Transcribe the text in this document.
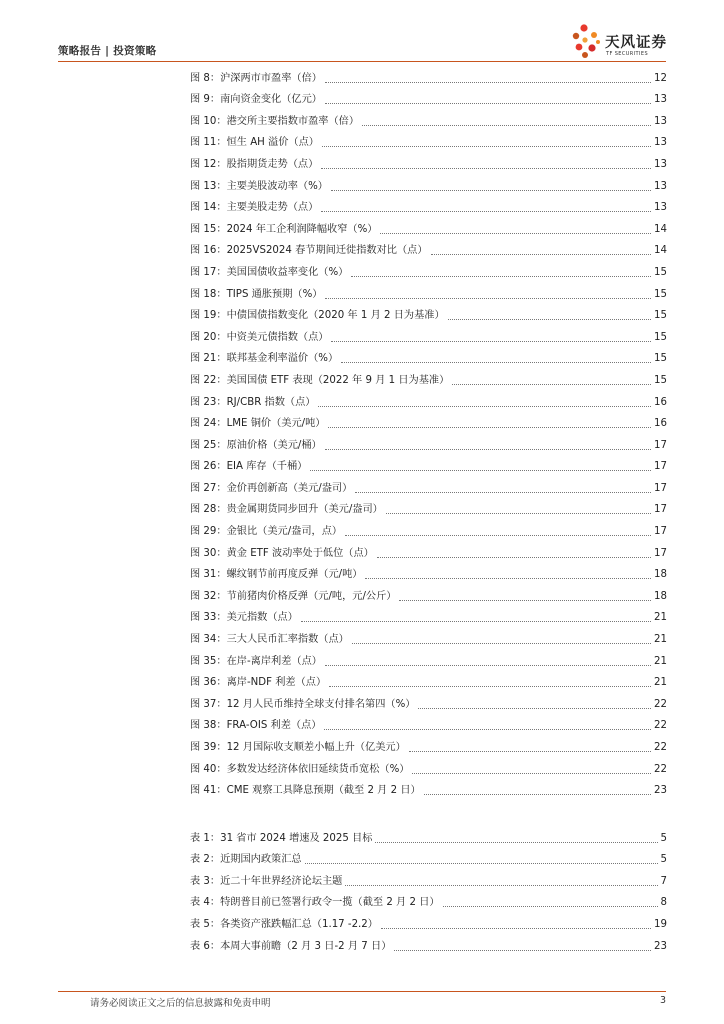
策略报告 | 投资策略	天风证券
TF SECURITIES
图 8：沪深两市市盈率（倍）	12
图 9：南向资金变化（亿元）	13
图 10：港交所主要指数市盈率（倍）	13
图 11：恒生 AH 溢价（点）	13
图 12：股指期货走势（点）	13
图 13：主要美股波动率（%）	13
图 14：主要美股走势（点）	13
图 15：2024 年工企利润降幅收窄（%）	14
图 16：2025VS2024 春节期间迁徙指数对比（点）	14
图 17：美国国债收益率变化（%）	15
图 18：TIPS 通胀预期（%）	15
图 19：中债国债指数变化（2020 年 1 月 2 日为基准）	15
图 20：中资美元债指数（点）	15
图 21：联邦基金利率溢价（%）	15
图 22：美国国债 ETF 表现（2022 年 9 月 1 日为基准）	15
图 23：RJ/CBR 指数（点）	16
图 24：LME 铜价（美元/吨）	16
图 25：原油价格（美元/桶）	17
图 26：EIA 库存（千桶）	17
图 27：金价再创新高（美元/盎司）	17
图 28：贵金属期货同步回升（美元/盎司）	17
图 29：金银比（美元/盎司，点）	17
图 30：黄金 ETF 波动率处于低位（点）	17
图 31：螺纹钢节前再度反弹（元/吨）	18
图 32：节前猪肉价格反弹（元/吨，元/公斤）	18
图 33：美元指数（点）	21
图 34：三大人民币汇率指数（点）	21
图 35：在岸-离岸利差（点）	21
图 36：离岸-NDF 利差（点）	21
图 37：12 月人民币维持全球支付排名第四（%）	22
图 38：FRA-OIS 利差（点）	22
图 39：12 月国际收支顺差小幅上升（亿美元）	22
图 40：多数发达经济体依旧延续货币宽松（%）	22
图 41：CME 观察工具降息预期（截至 2 月 2 日）	23
表 1：31 省市 2024 增速及 2025 目标	5
表 2：近期国内政策汇总	5
表 3：近二十年世界经济论坛主题	7
表 4：特朗普目前已签署行政令一揽（截至 2 月 2 日）	8
表 5：各类资产涨跌幅汇总（1.17 -2.2）	19
表 6：本周大事前瞻（2 月 3 日-2 月 7 日）	23
请务必阅读正文之后的信息披露和免责申明	3
